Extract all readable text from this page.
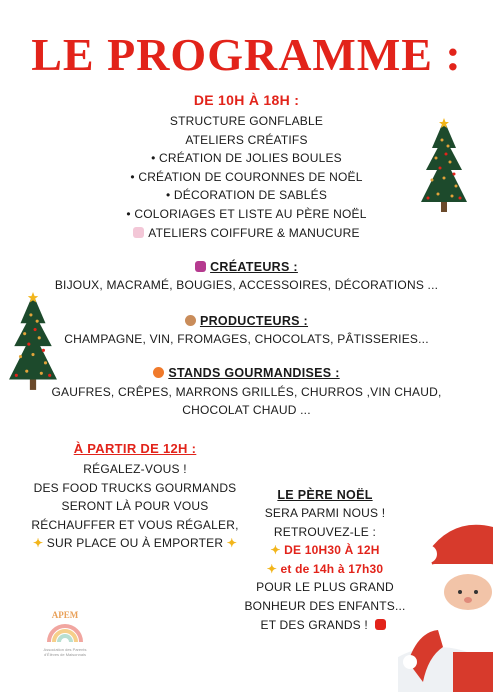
LE PROGRAMME :
DE 10H À 18H :
STRUCTURE GONFLABLE
ATELIERS CRÉATIFS
• CRÉATION DE JOLIES BOULES
• CRÉATION DE COURONNES DE NOËL
• DÉCORATION DE SABLÉS
• COLORIAGES ET LISTE AU PÈRE NOËL
ATELIERS COIFFURE & MANUCURE
CRÉATEURS :
BIJOUX, MACRAMÉ, BOUGIES, ACCESSOIRES, DÉCORATIONS ...
PRODUCTEURS :
CHAMPAGNE, VIN, FROMAGES, CHOCOLATS, PÂTISSERIES...
STANDS GOURMANDISES :
GAUFRES, CRÊPES, MARRONS GRILLÉS, CHURROS ,VIN CHAUD,
CHOCOLAT CHAUD ...
À PARTIR DE 12H :
RÉGALEZ-VOUS !
DES FOOD TRUCKS GOURMANDS
SERONT LÀ POUR VOUS
RÉCHAUFFER ET VOUS RÉGALER,
✦ SUR PLACE OU À EMPORTER ✦
LE PÈRE NOËL
SERA PARMI NOUS !
RETROUVEZ-LE :
✦ DE 10H30 À 12H
✦ et de 14h à 17h30
POUR LE PLUS GRAND
BONHEUR DES ENFANTS...
ET DES GRANDS !
APEM
Association des Parents d'Élèves de Maisonnais
